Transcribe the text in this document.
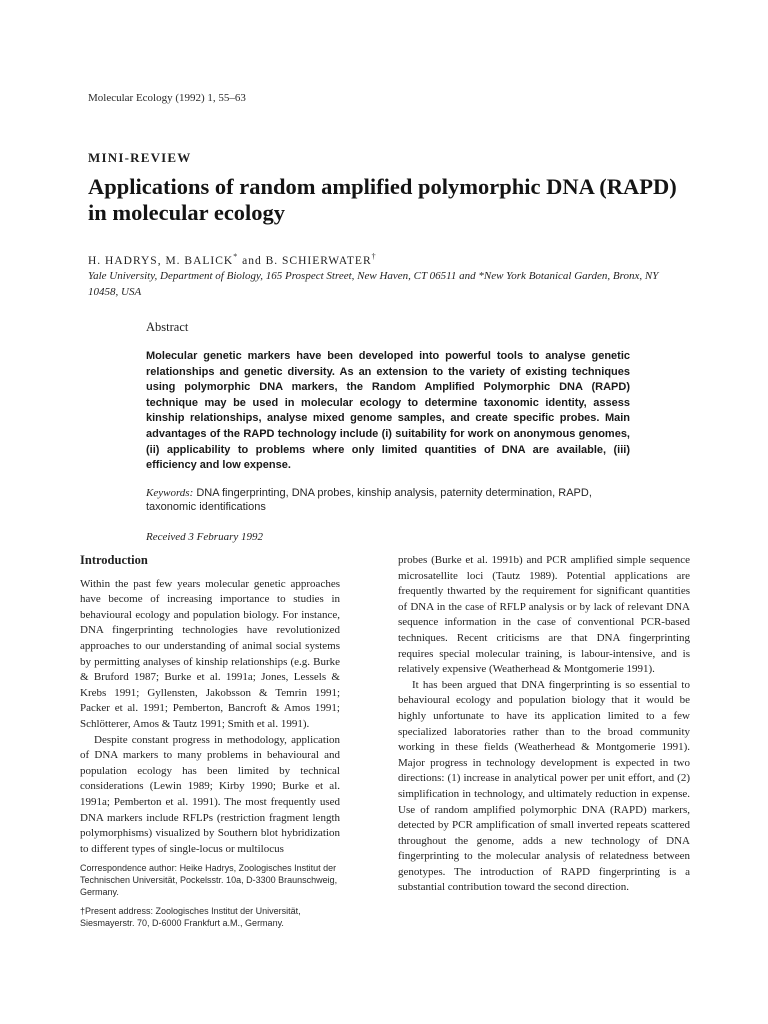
Molecular Ecology (1992) 1, 55–63
MINI-REVIEW
Applications of random amplified polymorphic DNA (RAPD) in molecular ecology
H. HADRYS, M. BALICK* and B. SCHIERWATER†
Yale University, Department of Biology, 165 Prospect Street, New Haven, CT 06511 and *New York Botanical Garden, Bronx, NY 10458, USA
Abstract
Molecular genetic markers have been developed into powerful tools to analyse genetic relationships and genetic diversity. As an extension to the variety of existing techniques using polymorphic DNA markers, the Random Amplified Polymorphic DNA (RAPD) technique may be used in molecular ecology to determine taxonomic identity, assess kinship relationships, analyse mixed genome samples, and create specific probes. Main advantages of the RAPD technology include (i) suitability for work on anonymous genomes, (ii) applicability to problems where only limited quantities of DNA are available, (iii) efficiency and low expense.
Keywords: DNA fingerprinting, DNA probes, kinship analysis, paternity determination, RAPD, taxonomic identifications
Received 3 February 1992
Introduction

Within the past few years molecular genetic approaches have become of increasing importance to studies in behavioural ecology and population biology. For instance, DNA fingerprinting technologies have revolutionized approaches to our understanding of animal social systems by permitting analyses of kinship relationships (e.g. Burke & Bruford 1987; Burke et al. 1991a; Jones, Lessels & Krebs 1991; Gyllensten, Jakobsson & Temrin 1991; Packer et al. 1991; Pemberton, Bancroft & Amos 1991; Schlötterer, Amos & Tautz 1991; Smith et al. 1991).

Despite constant progress in methodology, application of DNA markers to many problems in behavioural and population ecology has been limited by technical considerations (Lewin 1989; Kirby 1990; Burke et al. 1991a; Pemberton et al. 1991). The most frequently used DNA markers include RFLPs (restriction fragment length polymorphisms) visualized by Southern blot hybridization to different types of single-locus or multilocus

probes (Burke et al. 1991b) and PCR amplified simple sequence microsatellite loci (Tautz 1989). Potential applications are frequently thwarted by the requirement for significant quantities of DNA in the case of RFLP analysis or by lack of relevant DNA sequence information in the case of conventional PCR-based techniques. Recent criticisms are that DNA fingerprinting requires special molecular training, is labour-intensive, and is relatively expensive (Weatherhead & Montgomerie 1991).

It has been argued that DNA fingerprinting is so essential to behavioural ecology and population biology that it would be highly unfortunate to have its application limited to a few specialized laboratories rather than to the broad community working in these fields (Weatherhead & Montgomerie 1991). Major progress in technology development is expected in two directions: (1) increase in analytical power per unit effort, and (2) simplification in technology, and ultimately reduction in expense. Use of random amplified polymorphic DNA (RAPD) markers, detected by PCR amplification of small inverted repeats scattered throughout the genome, adds a new technology of DNA fingerprinting to the molecular analysis of relatedness between genotypes. The introduction of RAPD fingerprinting is a substantial contribution toward the second direction.

Correspondence author: Heike Hadrys, Zoologisches Institut der Technischen Universität, Pockelsstr. 10a, D-3300 Braunschweig, Germany.

†Present address: Zoologisches Institut der Universität, Siesmayerstr. 70, D-6000 Frankfurt a.M., Germany.
